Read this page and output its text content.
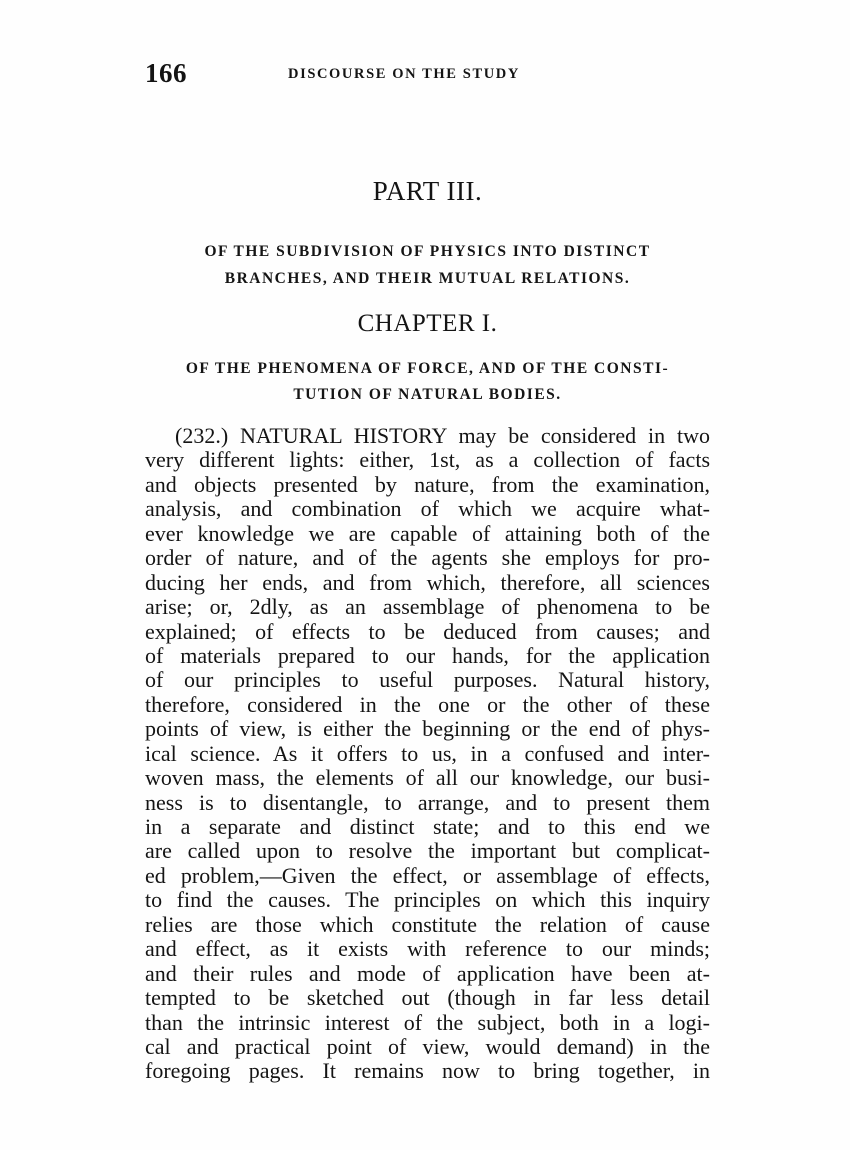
166	DISCOURSE ON THE STUDY
PART III.
OF THE SUBDIVISION OF PHYSICS INTO DISTINCT
BRANCHES, AND THEIR MUTUAL RELATIONS.
CHAPTER I.
OF THE PHENOMENA OF FORCE, AND OF THE CONSTI-
TUTION OF NATURAL BODIES.
(232.) NATURAL HISTORY may be considered in two
very different lights: either, 1st, as a collection of facts
and objects presented by nature, from the examination,
analysis, and combination of which we acquire what-
ever knowledge we are capable of attaining both of the
order of nature, and of the agents she employs for pro-
ducing her ends, and from which, therefore, all sciences
arise; or, 2dly, as an assemblage of phenomena to be
explained; of effects to be deduced from causes; and
of materials prepared to our hands, for the application
of our principles to useful purposes. Natural history,
therefore, considered in the one or the other of these
points of view, is either the beginning or the end of phys-
ical science. As it offers to us, in a confused and inter-
woven mass, the elements of all our knowledge, our busi-
ness is to disentangle, to arrange, and to present them
in a separate and distinct state; and to this end we
are called upon to resolve the important but complicat-
ed problem,—Given the effect, or assemblage of effects,
to find the causes. The principles on which this inquiry
relies are those which constitute the relation of cause
and effect, as it exists with reference to our minds;
and their rules and mode of application have been at-
tempted to be sketched out (though in far less detail
than the intrinsic interest of the subject, both in a logi-
cal and practical point of view, would demand) in the
foregoing pages. It remains now to bring together, in
